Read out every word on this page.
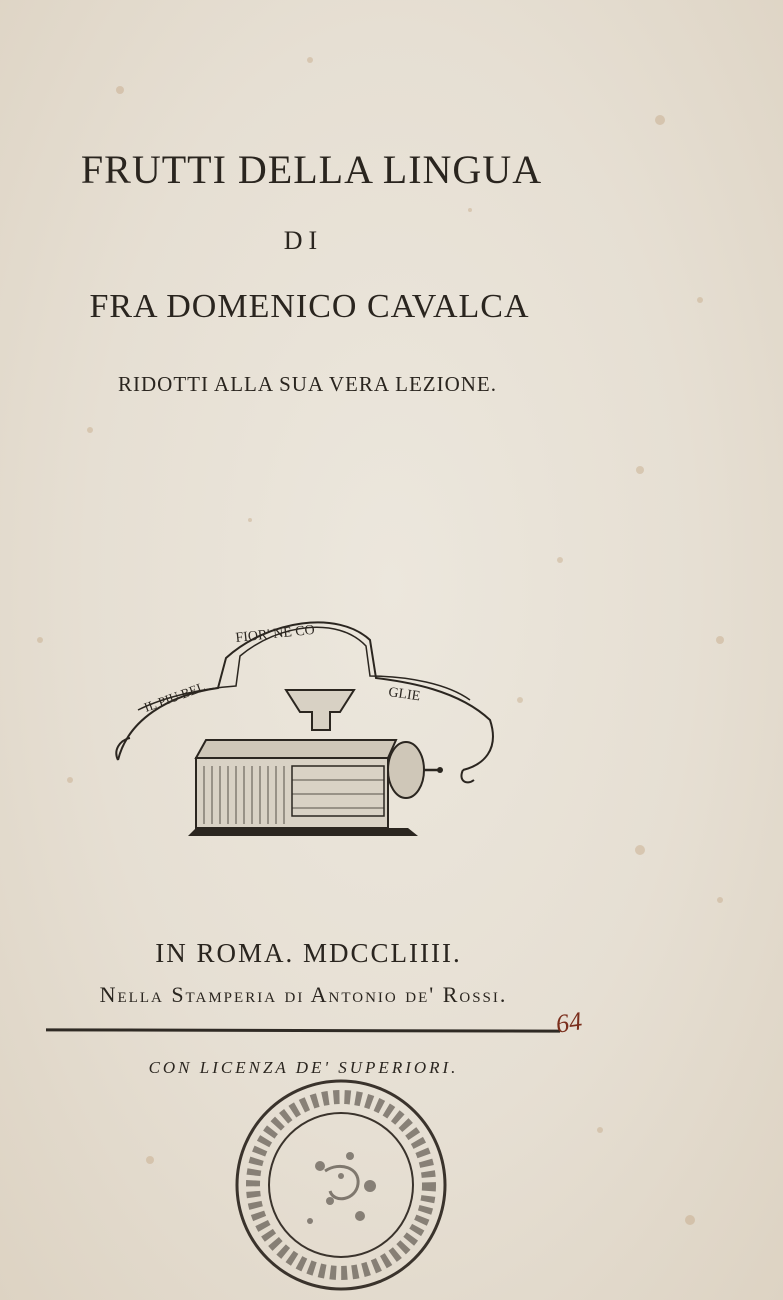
FRUTTI DELLA LINGUA
DI
FRA DOMENICO CAVALCA
RIDOTTI ALLA SUA VERA LEZIONE.
IL PIU BEL
FIOR' NE CO
GLIE
IN ROMA. MDCCLIIII.
Nella Stamperia di Antonio de' Rossi.
64
CON LICENZA DE' SUPERIORI.
